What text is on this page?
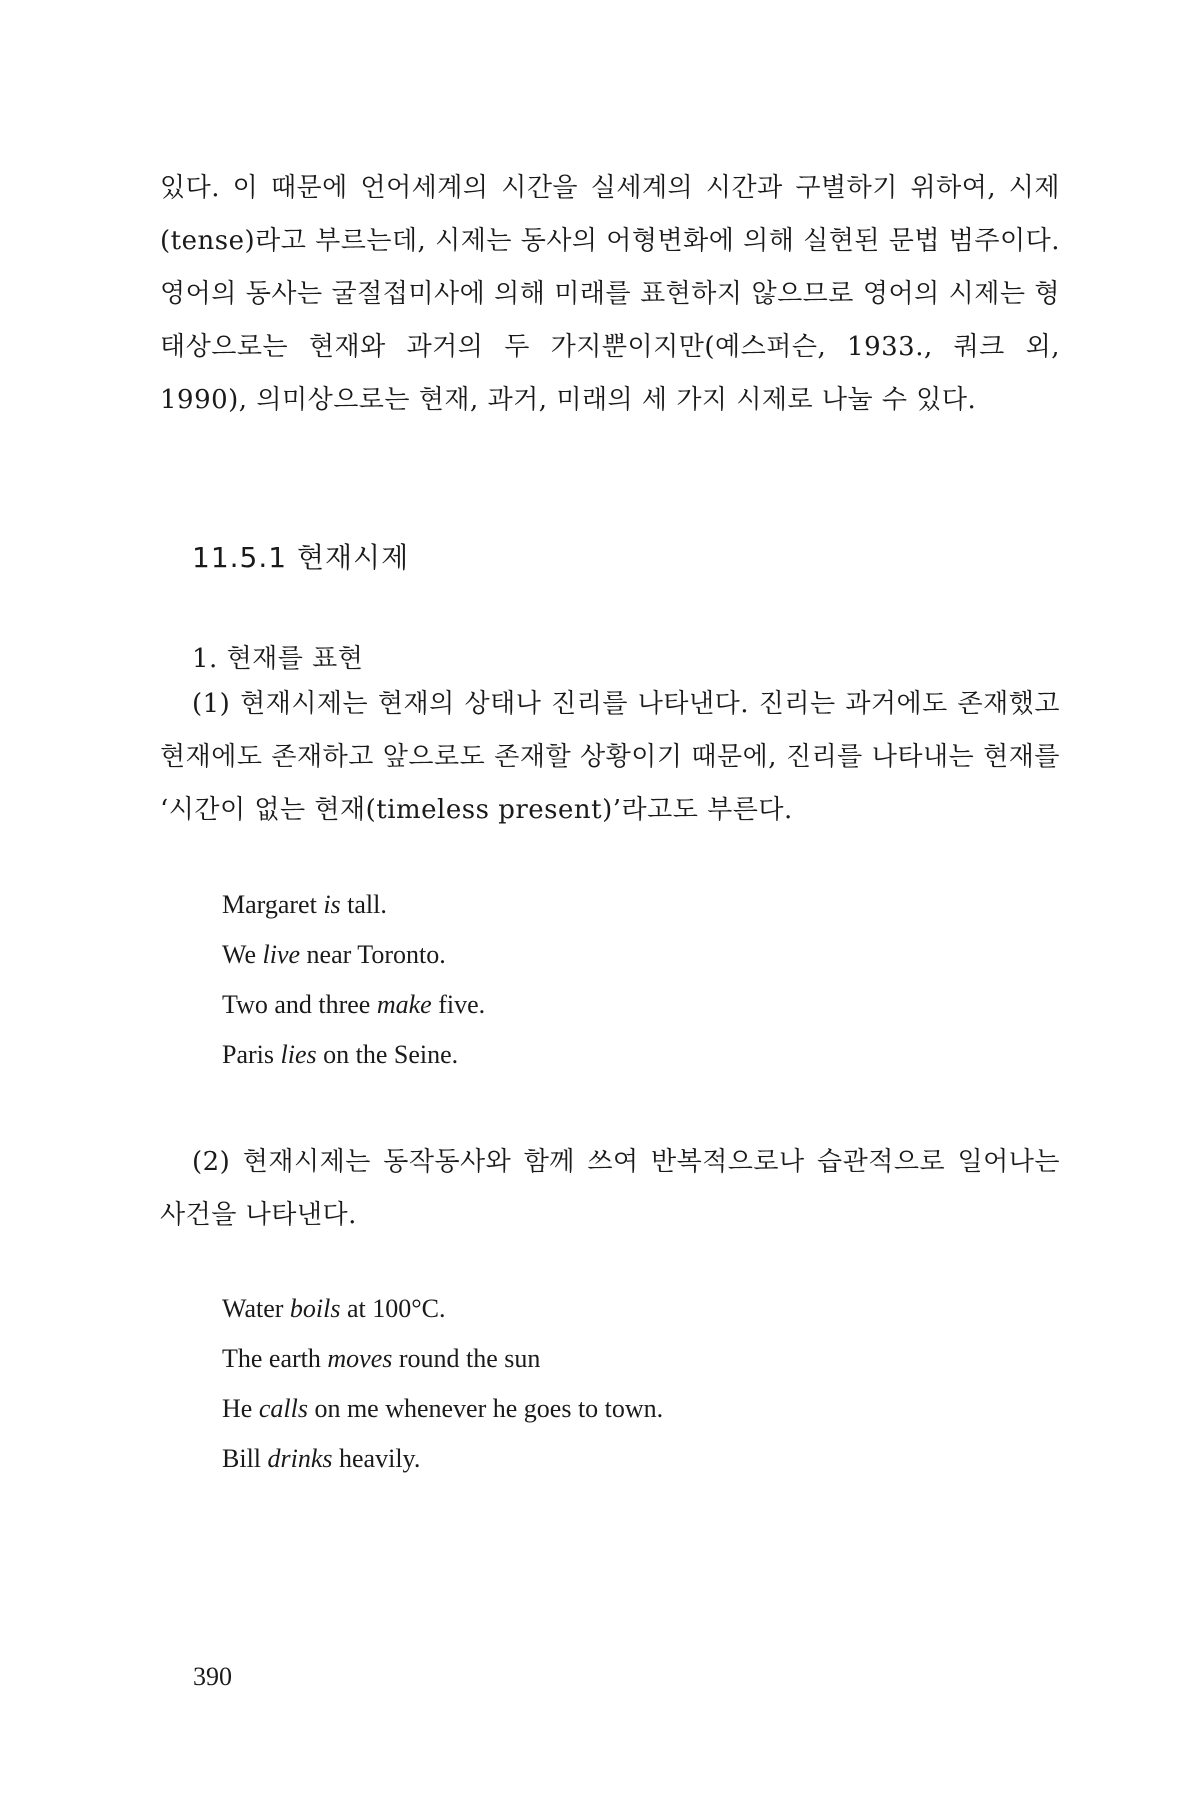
있다. 이 때문에 언어세계의 시간을 실세계의 시간과 구별하기 위하여, 시제(tense)라고 부르는데, 시제는 동사의 어형변화에 의해 실현된 문법 범주이다. 영어의 동사는 굴절접미사에 의해 미래를 표현하지 않으므로 영어의 시제는 형태상으로는 현재와 과거의 두 가지뿐이지만(예스퍼슨, 1933., 쿼크 외, 1990), 의미상으로는 현재, 과거, 미래의 세 가지 시제로 나눌 수 있다.

11.5.1 현재시제
1. 현재를 표현

(1) 현재시제는 현재의 상태나 진리를 나타낸다. 진리는 과거에도 존재했고 현재에도 존재하고 앞으로도 존재할 상황이기 때문에, 진리를 나타내는 현재를 ‘시간이 없는 현재(timeless present)’라고도 부른다.

Margaret is tall.
We live near Toronto.
Two and three make five.
Paris lies on the Seine.

(2) 현재시제는 동작동사와 함께 쓰여 반복적으로나 습관적으로 일어나는 사건을 나타낸다.

Water boils at 100°C.
The earth moves round the sun
He calls on me whenever he goes to town.
Bill drinks heavily.
390
